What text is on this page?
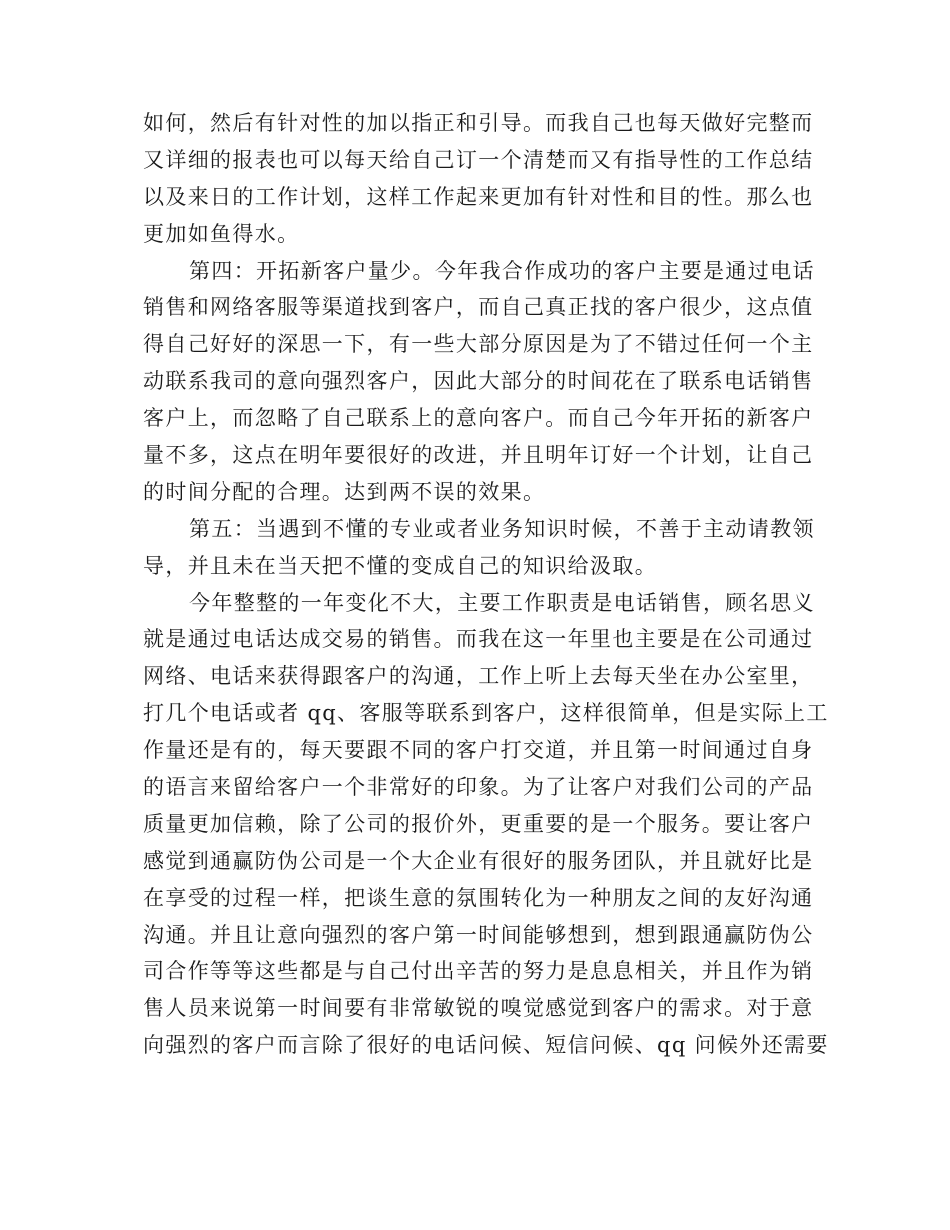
如何，然后有针对性的加以指正和引导。而我自己也每天做好完整而
又详细的报表也可以每天给自己订一个清楚而又有指导性的工作总结
以及来日的工作计划，这样工作起来更加有针对性和目的性。那么也
更加如鱼得水。
第四：开拓新客户量少。今年我合作成功的客户主要是通过电话
销售和网络客服等渠道找到客户，而自己真正找的客户很少，这点值
得自己好好的深思一下，有一些大部分原因是为了不错过任何一个主
动联系我司的意向强烈客户，因此大部分的时间花在了联系电话销售
客户上，而忽略了自己联系上的意向客户。而自己今年开拓的新客户
量不多，这点在明年要很好的改进，并且明年订好一个计划，让自己
的时间分配的合理。达到两不误的效果。
第五：当遇到不懂的专业或者业务知识时候，不善于主动请教领
导，并且未在当天把不懂的变成自己的知识给汲取。
今年整整的一年变化不大，主要工作职责是电话销售，顾名思义
就是通过电话达成交易的销售。而我在这一年里也主要是在公司通过
网络、电话来获得跟客户的沟通，工作上听上去每天坐在办公室里，
打几个电话或者 qq、客服等联系到客户，这样很简单，但是实际上工
作量还是有的，每天要跟不同的客户打交道，并且第一时间通过自身
的语言来留给客户一个非常好的印象。为了让客户对我们公司的产品
质量更加信赖，除了公司的报价外，更重要的是一个服务。要让客户
感觉到通赢防伪公司是一个大企业有很好的服务团队，并且就好比是
在享受的过程一样，把谈生意的氛围转化为一种朋友之间的友好沟通
沟通。并且让意向强烈的客户第一时间能够想到，想到跟通赢防伪公
司合作等等这些都是与自己付出辛苦的努力是息息相关，并且作为销
售人员来说第一时间要有非常敏锐的嗅觉感觉到客户的需求。对于意
向强烈的客户而言除了很好的电话问候、短信问候、qq 问候外还需要
